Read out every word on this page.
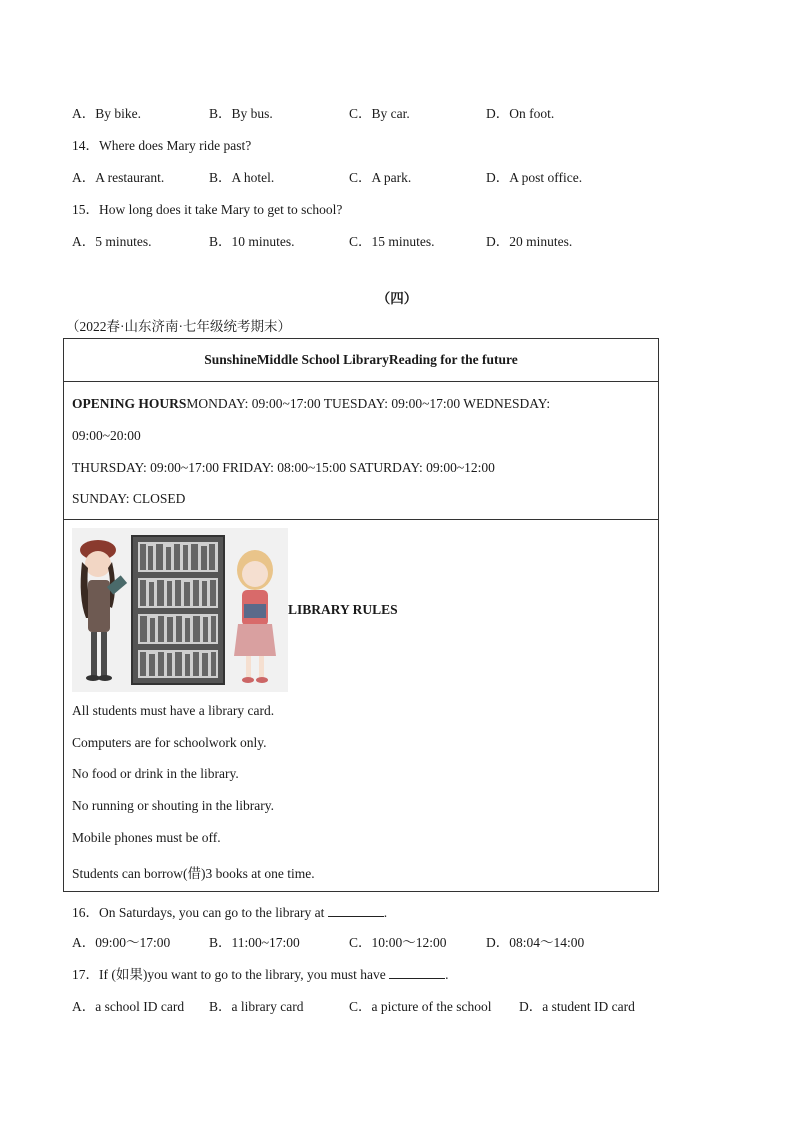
A．By bike.	B．By bus.	C．By car.	D．On foot.
14．Where does Mary ride past?
A．A restaurant.	B．A hotel.	C．A park.	D．A post office.
15．How long does it take Mary to get to school?
A．5 minutes.	B．10 minutes.	C．15 minutes.	D．20 minutes.
（四）
（2022春·山东济南·七年级统考期末）
SunshineMiddle School LibraryReading for the future
OPENING HOURSMONDAY: 09:00~17:00 TUESDAY: 09:00~17:00 WEDNESDAY:
09:00~20:00
THURSDAY: 09:00~17:00 FRIDAY: 08:00~15:00 SATURDAY: 09:00~12:00
SUNDAY: CLOSED
LIBRARY RULES
All students must have a library card.
Computers are for schoolwork only.
No food or drink in the library.
No running or shouting in the library.
Mobile phones must be off.
Students can borrow(借)3 books at one time.
16．On Saturdays, you can go to the library at	.
A．09:00～17:00	B．11:00~17:00	C．10:00～12:00	D．08:04～14:00
17．If (如果)you want to go to the library, you must have	.
A．a school ID card B．a library card	C．a picture of the school D．a student ID card
